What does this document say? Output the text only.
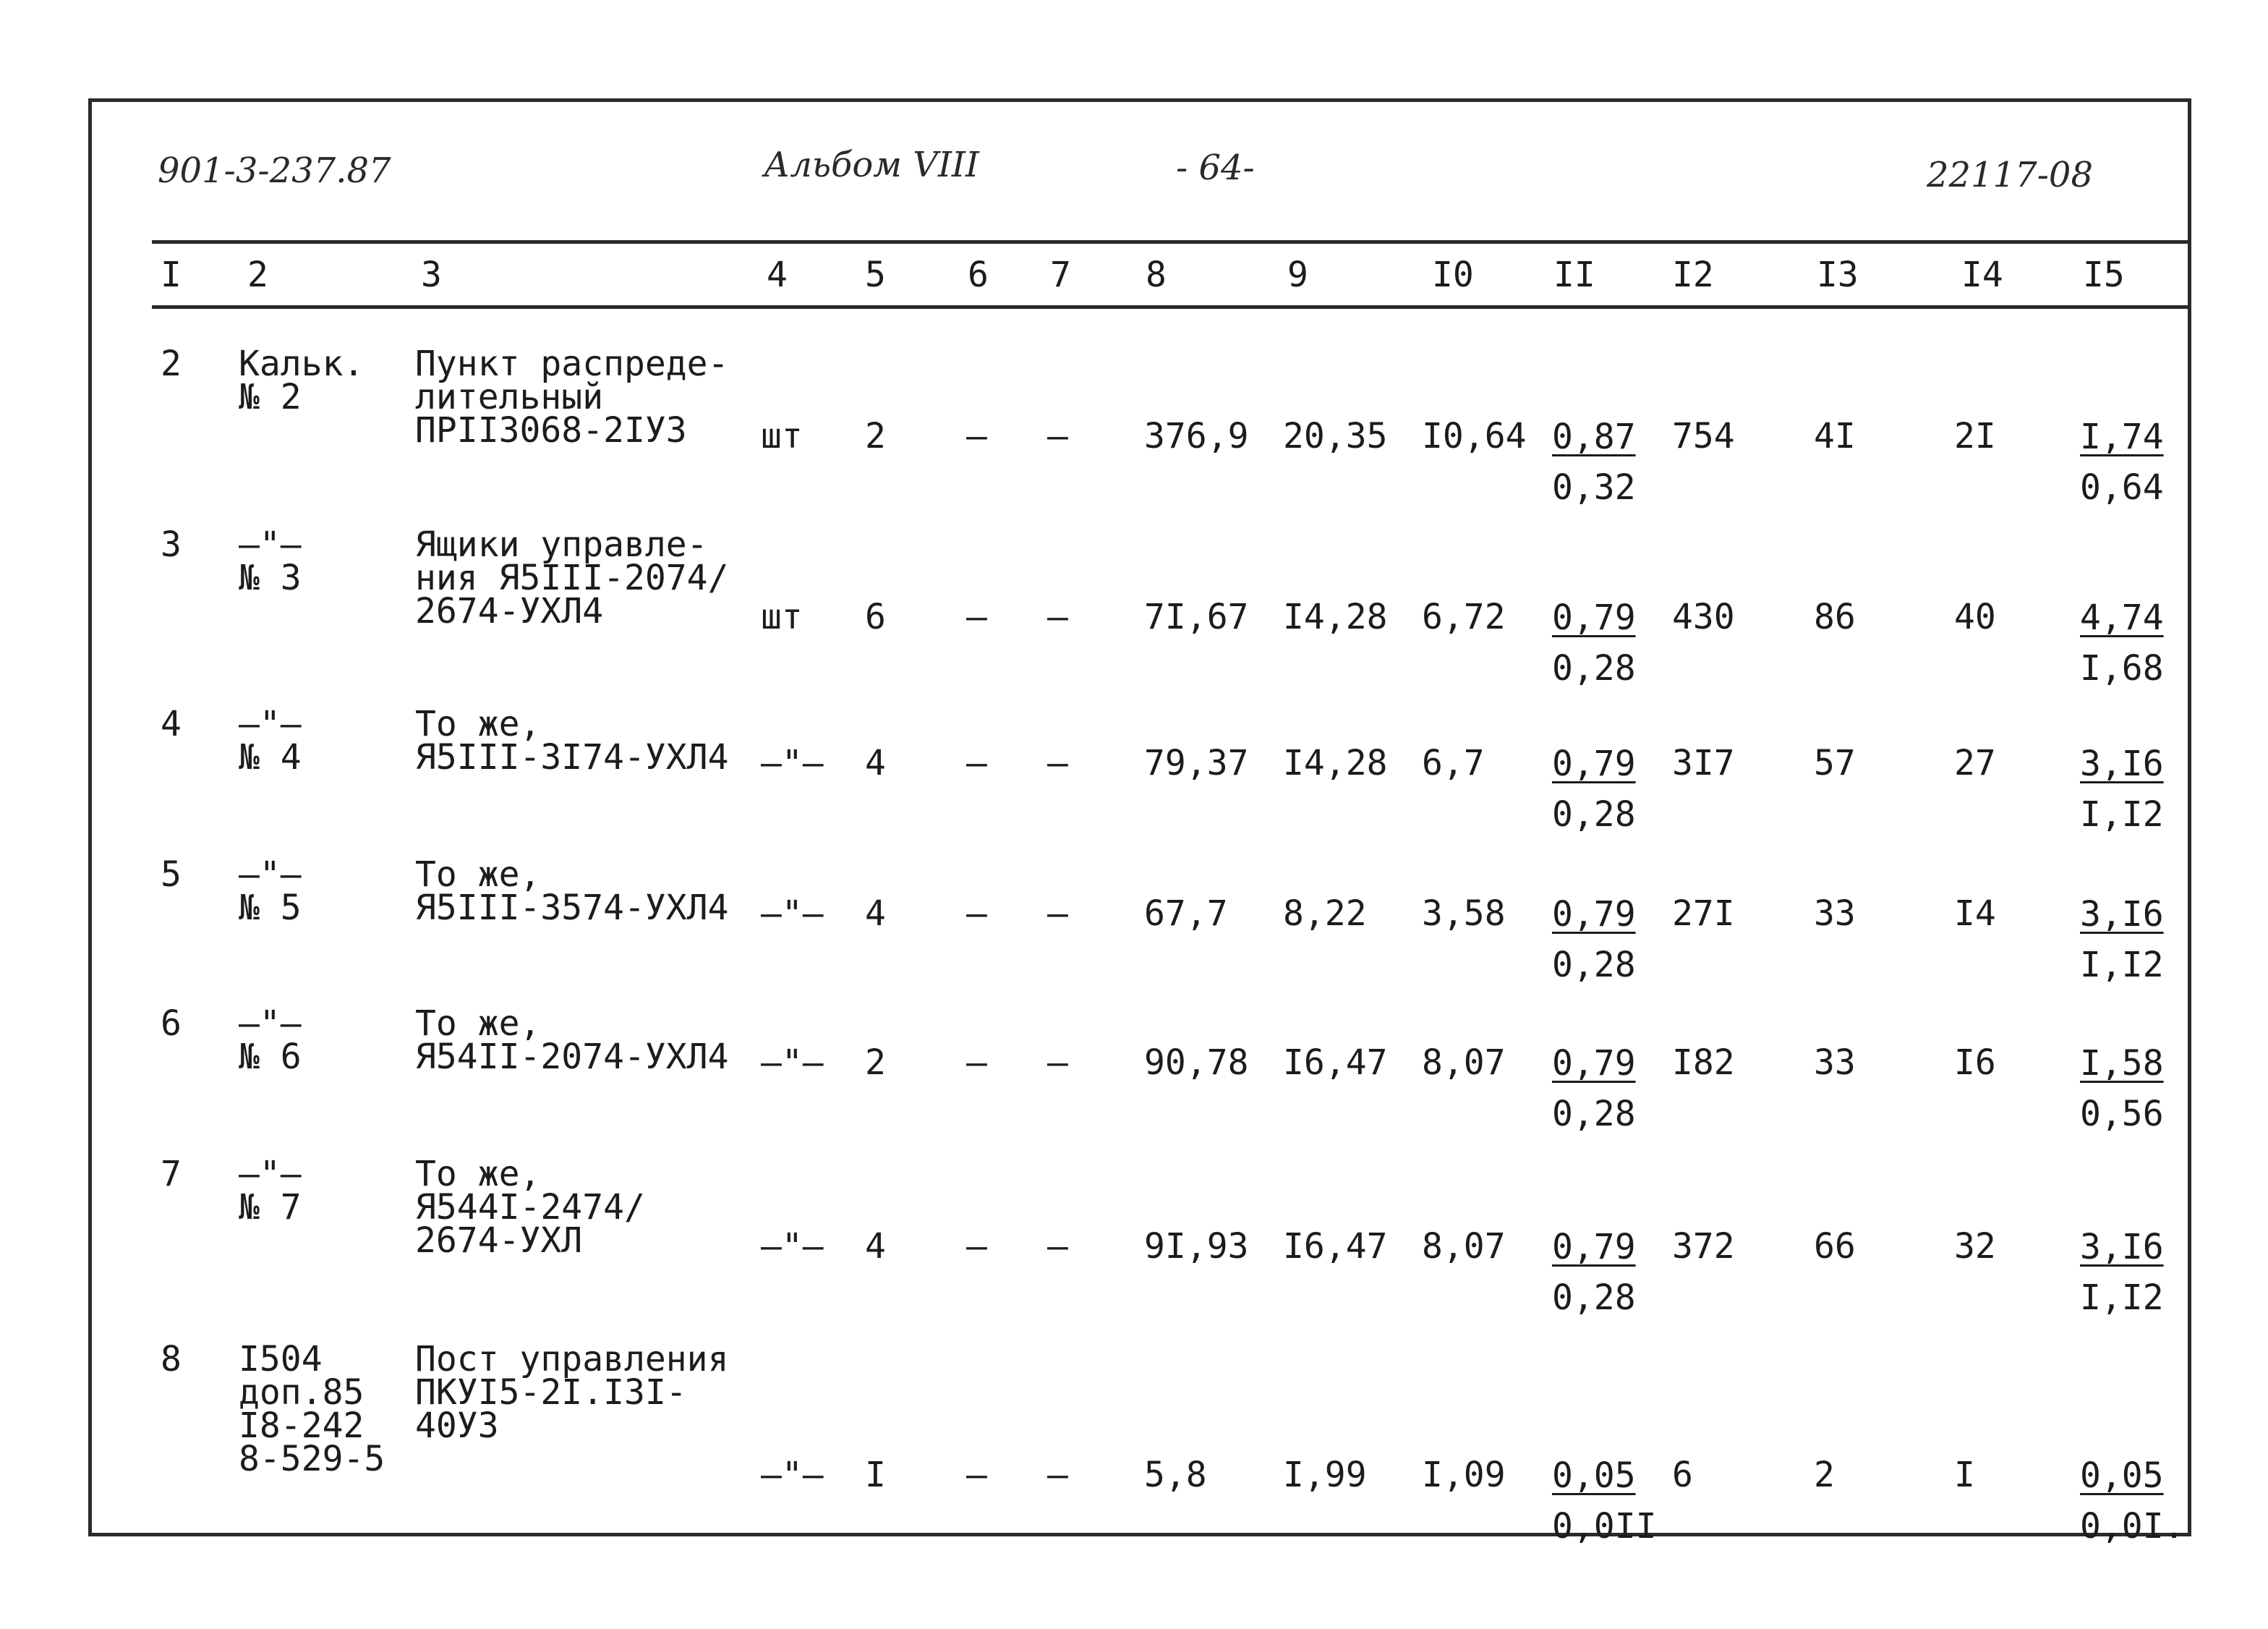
901-3-237.87	Альбом VIII	- 64-	22117-08
I 2	3	4 5 6 7 8	9	I0 II I2	I3	I4 I5
2 Кальк.
№ 2
Пункт распреде-
лительный
ПРII3068-2IУЗ шт 2 – – 376,9 20,35 $I0,64 \frac{0,87}{0,32} 754$ 4I	$2I \frac{I,74}{0,64}$
3 –"–
№ 3
Ящики управле-
ния Я5III-2074/
2674-УХЛ4	шт 6 – – 7I,67 I4,28 $6,72 \frac{0,79}{0,28} 430$ 86	$40 \frac{4,74}{I,68}$
4 –"–
№ 4
То же,
Я5III-3I74-УХЛ4 –"– 4 – – 79,37 I4,28 $6,7 \frac{0,79}{0,28} 3I7$ 57	$27 \frac{3,I6}{I,I2}$
5 –"–
№ 5
То же,
Я5III-3574-УХЛ4 –"– 4 – – 67,7 8,22 $3,58 \frac{0,79}{0,28} 27I$ 33	$I4 \frac{3,I6}{I,I2}$
6 –"–
№ 6
То же,
Я54II-2074-УХЛ4 –"– 2 – – 90,78 I6,47 $8,07 \frac{0,79}{0,28} I82$ 33	$I6 \frac{I,58}{0,56}$
7 –"–
№ 7
То же,
Я544I-2474/
2674-УХЛ	–"– 4 – – 9I,93 I6,47 $8,07 \frac{0,79}{0,28} 372$ 66	$32 \frac{3,I6}{I,I2}$
8 I504
доп.85
I8-242
8-529-5
Пост управления
ПКУI5-2I.I3I-
40УЗ
–"– I – – 5,8 I,99 $I,09 \frac{0,05}{0,0II} 6$	2	I	$\frac{0,05}{0,0I.}$
